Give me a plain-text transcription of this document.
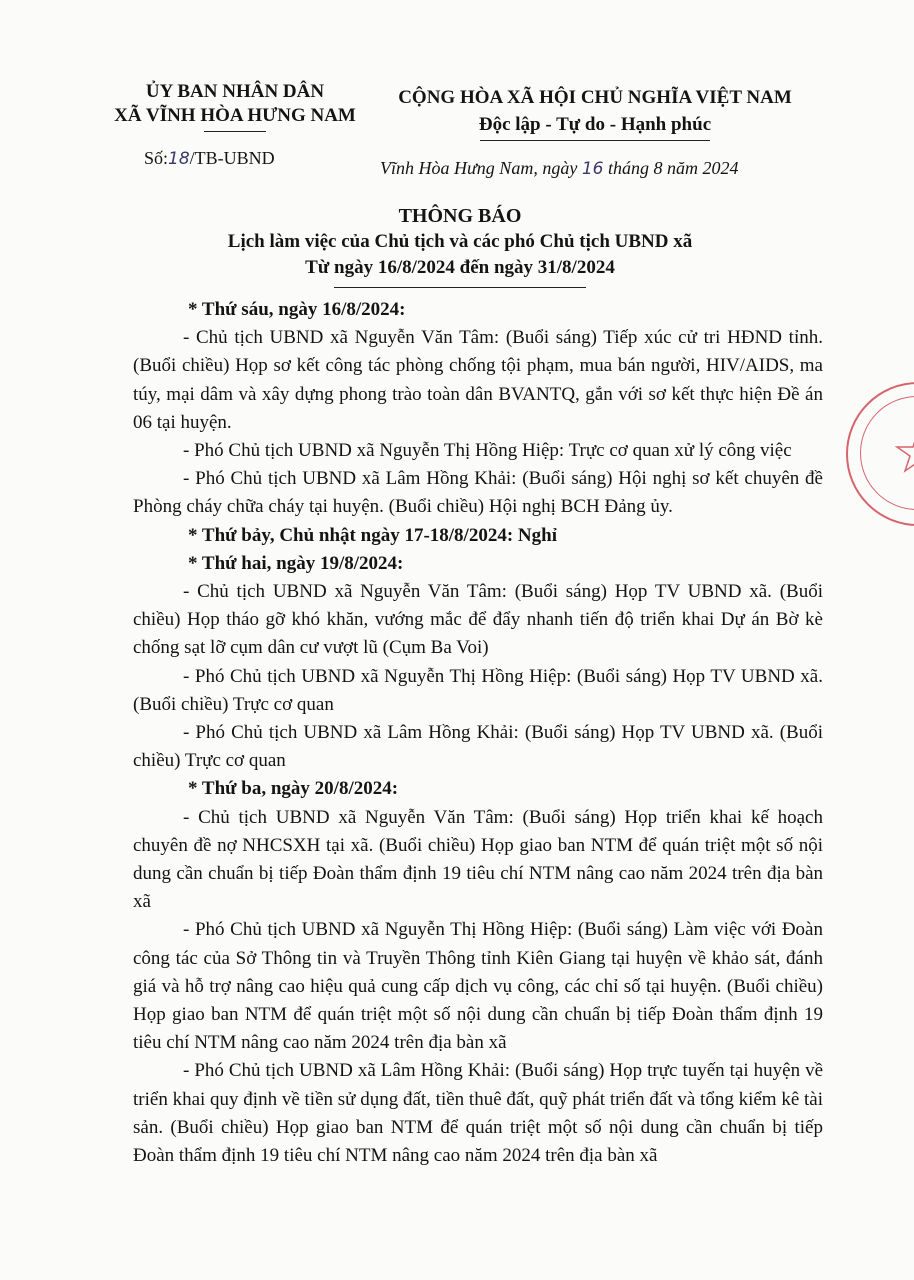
ỦY BAN NHÂN DÂN
XÃ VĨNH HÒA HƯNG NAM
CỘNG HÒA XÃ HỘI CHỦ NGHĨA VIỆT NAM
Độc lập - Tự do - Hạnh phúc
Số:18/TB-UBND	Vĩnh Hòa Hưng Nam, ngày 16 tháng 8 năm 2024
THÔNG BÁO
Lịch làm việc của Chủ tịch và các phó Chủ tịch UBND xã
Từ ngày 16/8/2024 đến ngày 31/8/2024

* Thứ sáu, ngày 16/8/2024:

- Chủ tịch UBND xã Nguyễn Văn Tâm: (Buổi sáng) Tiếp xúc cử tri HĐND tỉnh. (Buổi chiều) Họp sơ kết công tác phòng chống tội phạm, mua bán người, HIV/AIDS, ma túy, mại dâm và xây dựng phong trào toàn dân BVANTQ, gắn với sơ kết thực hiện Đề án 06 tại huyện.

- Phó Chủ tịch UBND xã Nguyễn Thị Hồng Hiệp: Trực cơ quan xử lý công việc

- Phó Chủ tịch UBND xã Lâm Hồng Khải: (Buổi sáng) Hội nghị sơ kết chuyên đề Phòng cháy chữa cháy tại huyện. (Buổi chiều) Hội nghị BCH Đảng ủy.

* Thứ bảy, Chủ nhật ngày 17-18/8/2024: Nghỉ

* Thứ hai, ngày 19/8/2024:

- Chủ tịch UBND xã Nguyễn Văn Tâm: (Buổi sáng) Họp TV UBND xã. (Buổi chiều) Họp tháo gỡ khó khăn, vướng mắc để đẩy nhanh tiến độ triển khai Dự án Bờ kè chống sạt lỡ cụm dân cư vượt lũ (Cụm Ba Voi)

- Phó Chủ tịch UBND xã Nguyễn Thị Hồng Hiệp: (Buổi sáng) Họp TV UBND xã. (Buổi chiều) Trực cơ quan

- Phó Chủ tịch UBND xã Lâm Hồng Khải: (Buổi sáng) Họp TV UBND xã. (Buổi chiều) Trực cơ quan

* Thứ ba, ngày 20/8/2024:

- Chủ tịch UBND xã Nguyễn Văn Tâm: (Buổi sáng) Họp triển khai kế hoạch chuyên đề nợ NHCSXH tại xã. (Buổi chiều) Họp giao ban NTM để quán triệt một số nội dung cần chuẩn bị tiếp Đoàn thẩm định 19 tiêu chí NTM nâng cao năm 2024 trên địa bàn xã

- Phó Chủ tịch UBND xã Nguyễn Thị Hồng Hiệp: (Buổi sáng) Làm việc với Đoàn công tác của Sở Thông tin và Truyền Thông tỉnh Kiên Giang tại huyện về khảo sát, đánh giá và hỗ trợ nâng cao hiệu quả cung cấp dịch vụ công, các chỉ số tại huyện. (Buổi chiều) Họp giao ban NTM để quán triệt một số nội dung cần chuẩn bị tiếp Đoàn thẩm định 19 tiêu chí NTM nâng cao năm 2024 trên địa bàn xã

- Phó Chủ tịch UBND xã Lâm Hồng Khải: (Buổi sáng) Họp trực tuyến tại huyện về triển khai quy định về tiền sử dụng đất, tiền thuê đất, quỹ phát triển đất và tổng kiểm kê tài sản. (Buổi chiều) Họp giao ban NTM để quán triệt một số nội dung cần chuẩn bị tiếp Đoàn thẩm định 19 tiêu chí NTM nâng cao năm 2024 trên địa bàn xã
